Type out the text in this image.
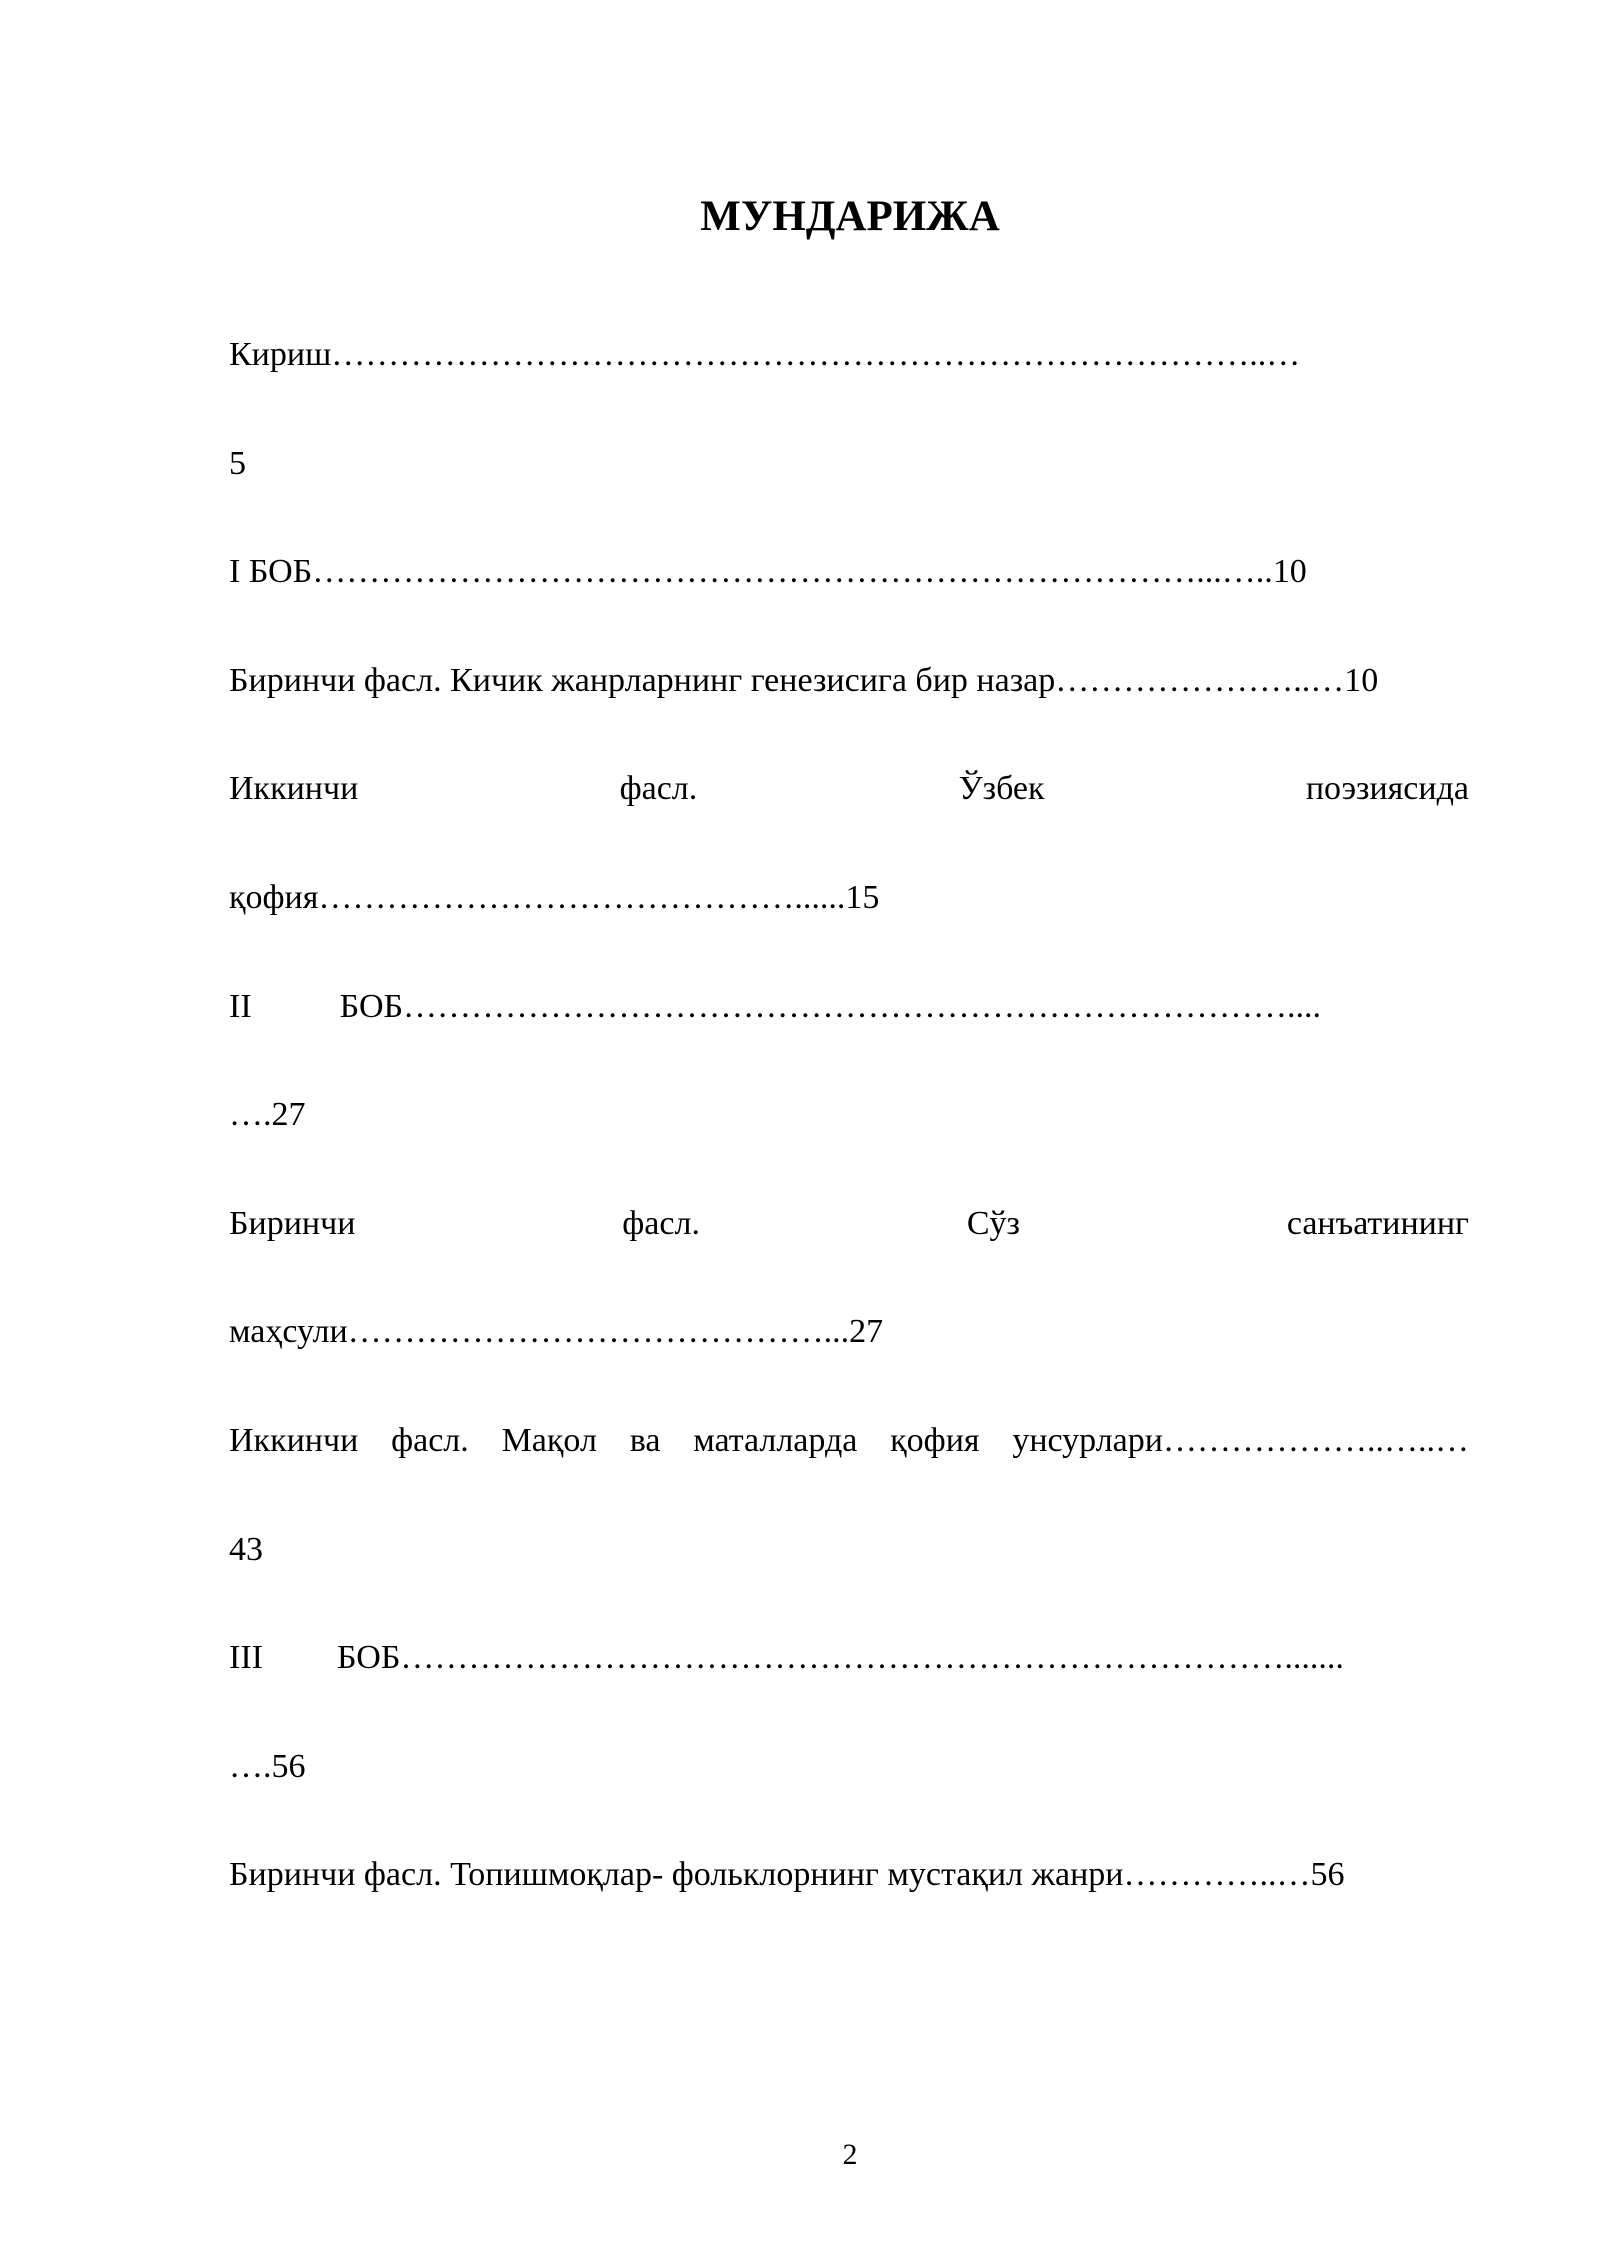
МУНДАРИЖА
Кириш………………………………………………………………………..…
5
I БОБ……………………………………………………………………...…..10
Биринчи фасл. Кичик жанрларнинг генезисига бир назар…………………..…10
Иккинчи	фасл.	Ўзбек	поэзиясида
қофия……………………………………......15
II	БОБ……………………………………………………………………....
….27
Биринчи	фасл.	Сўз	санъатининг
маҳсули……………………………………...27
Иккинчи фасл. Мақол ва маталларда қофия унсурлари………………..…..…
43
III БОБ…………………………………………………………………….......
….56
Биринчи фасл. Топишмоқлар- фольклорнинг мустақил жанри…………..…56
2
